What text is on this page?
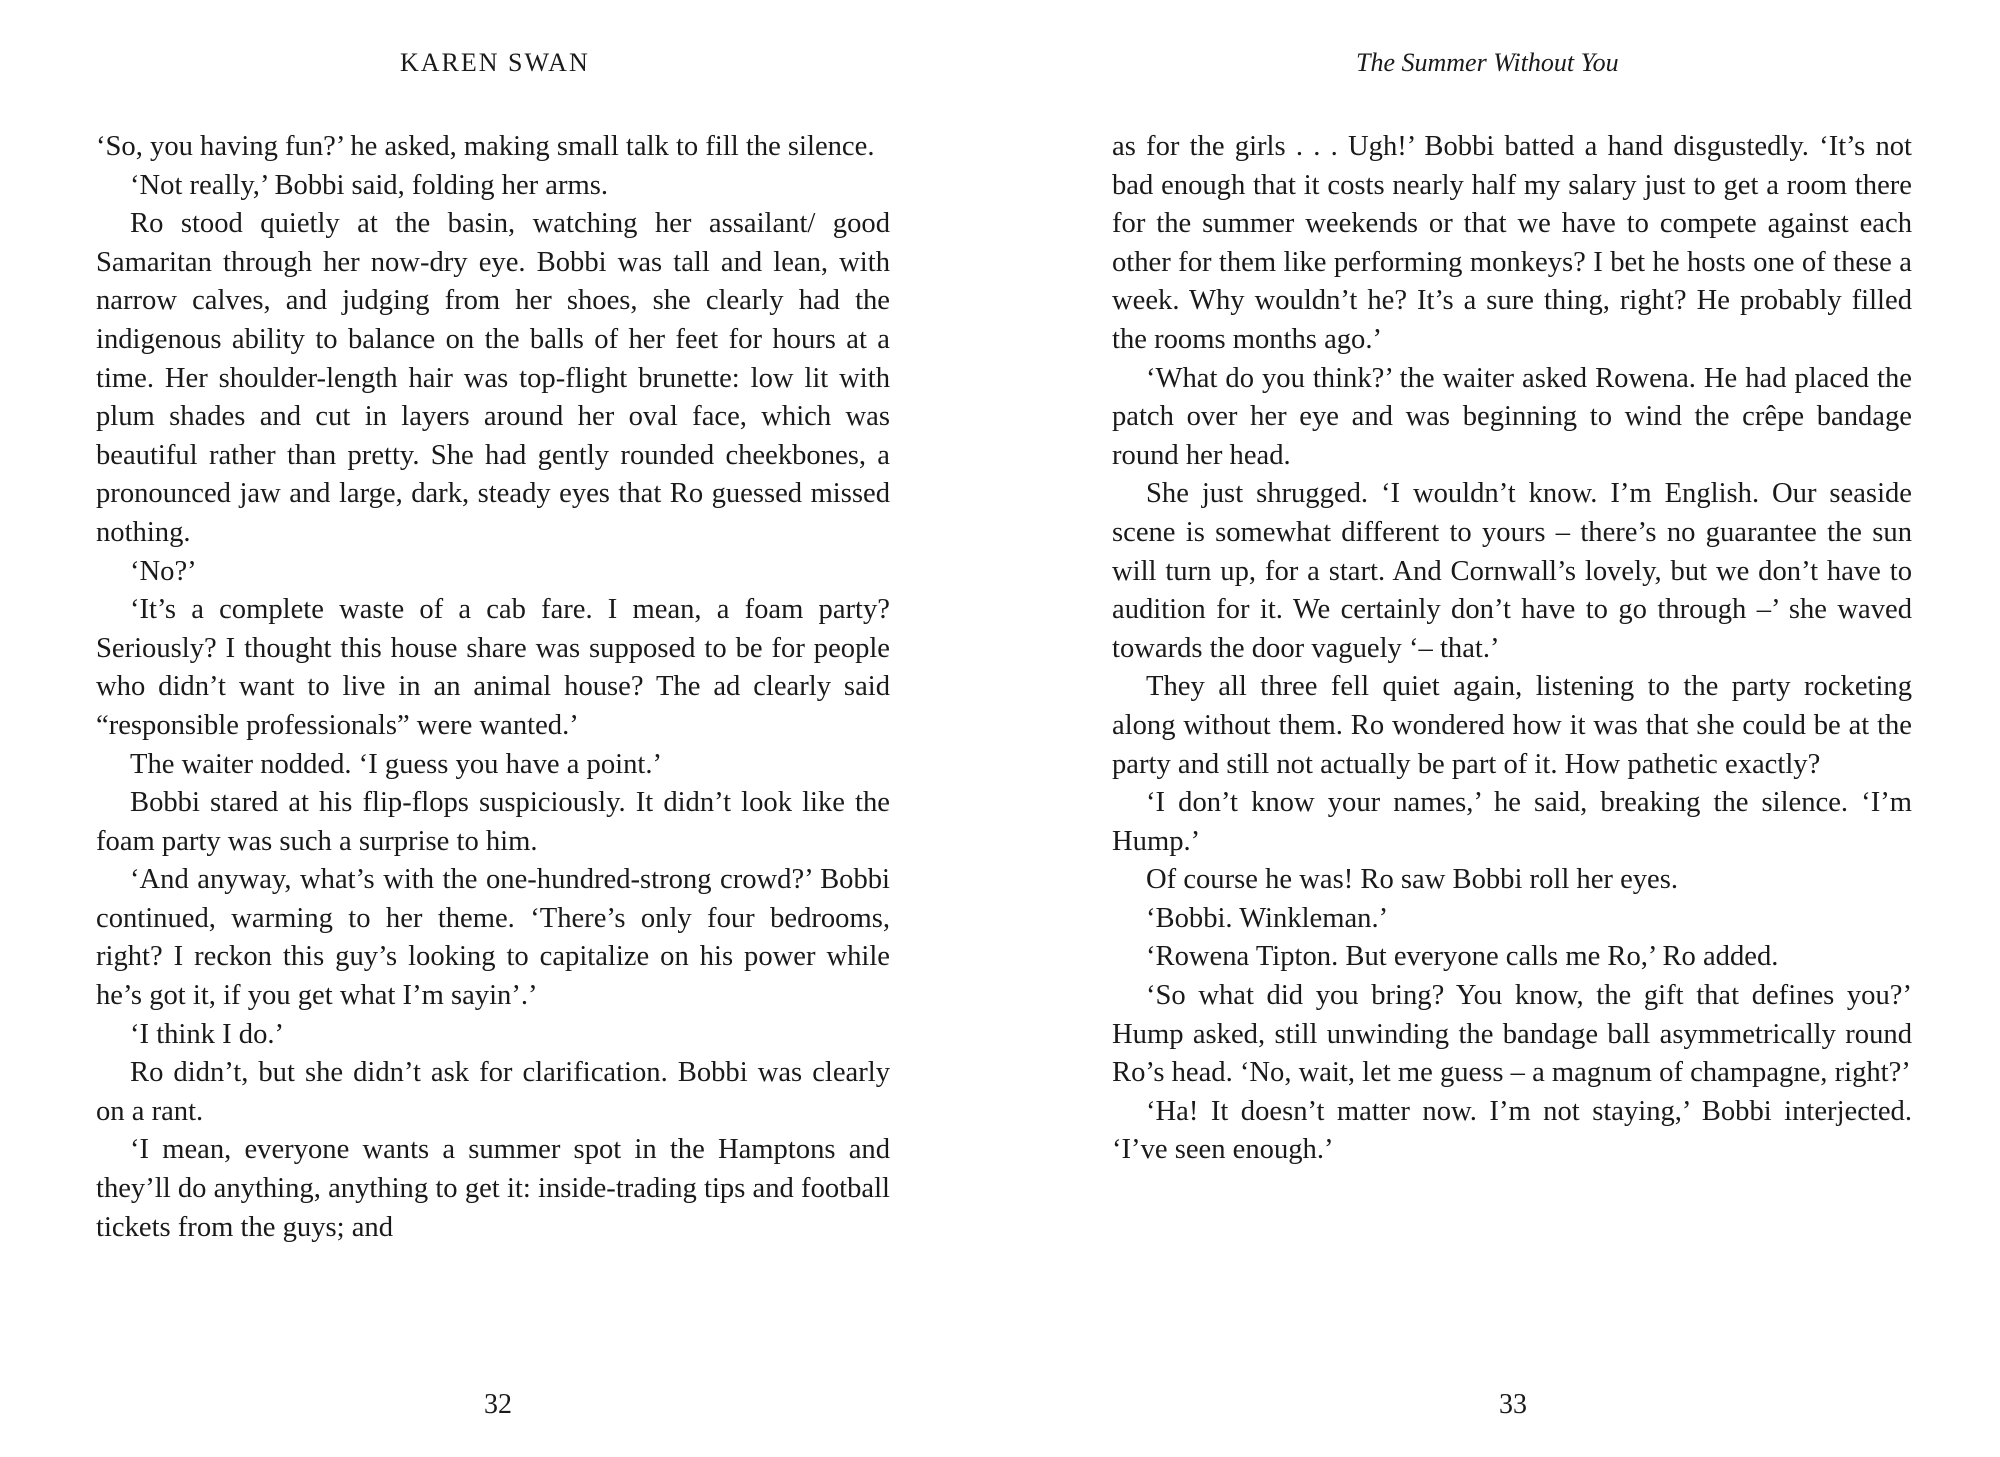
KAREN SWAN

‘So, you having fun?’ he asked, making small talk to fill the silence.

‘Not really,’ Bobbi said, folding her arms.

Ro stood quietly at the basin, watching her assailant/ good Samaritan through her now-dry eye. Bobbi was tall and lean, with narrow calves, and judging from her shoes, she clearly had the indigenous ability to balance on the balls of her feet for hours at a time. Her shoulder-length hair was top-flight brunette: low lit with plum shades and cut in layers around her oval face, which was beautiful rather than pretty. She had gently rounded cheekbones, a pronounced jaw and large, dark, steady eyes that Ro guessed missed nothing.

‘No?’

‘It’s a complete waste of a cab fare. I mean, a foam party? Seriously? I thought this house share was supposed to be for people who didn’t want to live in an animal house? The ad clearly said “responsible professionals” were wanted.’

The waiter nodded. ‘I guess you have a point.’

Bobbi stared at his flip-flops suspiciously. It didn’t look like the foam party was such a surprise to him.

‘And anyway, what’s with the one-hundred-strong crowd?’ Bobbi continued, warming to her theme. ‘There’s only four bedrooms, right? I reckon this guy’s looking to capitalize on his power while he’s got it, if you get what I’m sayin’.’

‘I think I do.’

Ro didn’t, but she didn’t ask for clarification. Bobbi was clearly on a rant.

‘I mean, everyone wants a summer spot in the Hamptons and they’ll do anything, anything to get it: inside-trading tips and football tickets from the guys; and

32
The Summer Without You

as for the girls . . . Ugh!’ Bobbi batted a hand disgustedly. ‘It’s not bad enough that it costs nearly half my salary just to get a room there for the summer weekends or that we have to compete against each other for them like performing monkeys? I bet he hosts one of these a week. Why wouldn’t he? It’s a sure thing, right? He probably filled the rooms months ago.’

‘What do you think?’ the waiter asked Rowena. He had placed the patch over her eye and was beginning to wind the crêpe bandage round her head.

She just shrugged. ‘I wouldn’t know. I’m English. Our seaside scene is somewhat different to yours – there’s no guarantee the sun will turn up, for a start. And Cornwall’s lovely, but we don’t have to audition for it. We certainly don’t have to go through –’ she waved towards the door vaguely ‘– that.’

They all three fell quiet again, listening to the party rocketing along without them. Ro wondered how it was that she could be at the party and still not actually be part of it. How pathetic exactly?

‘I don’t know your names,’ he said, breaking the silence. ‘I’m Hump.’

Of course he was! Ro saw Bobbi roll her eyes.

‘Bobbi. Winkleman.’

‘Rowena Tipton. But everyone calls me Ro,’ Ro added.

‘So what did you bring? You know, the gift that defines you?’ Hump asked, still unwinding the bandage ball asymmetrically round Ro’s head. ‘No, wait, let me guess – a magnum of champagne, right?’

‘Ha! It doesn’t matter now. I’m not staying,’ Bobbi interjected. ‘I’ve seen enough.’

33
